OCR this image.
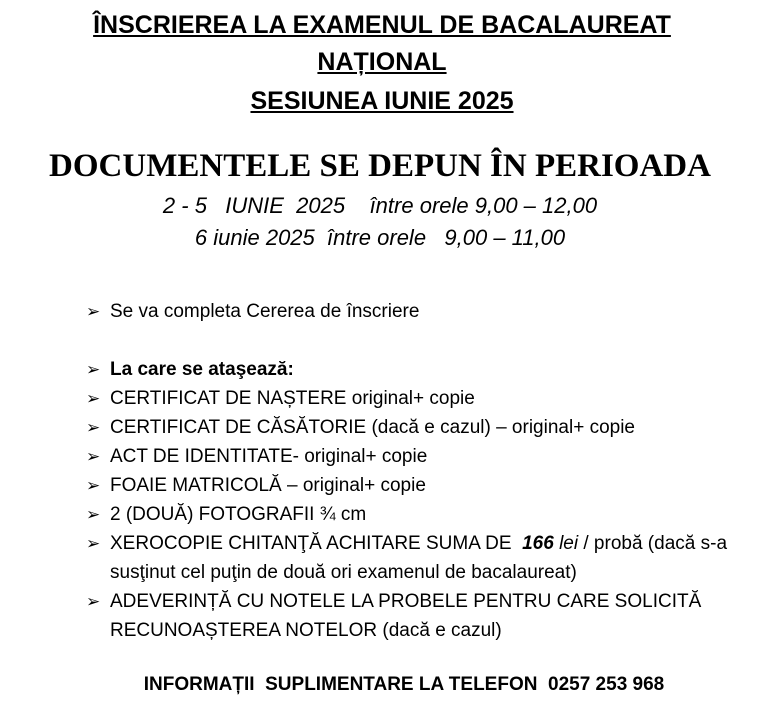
ÎNSCRIEREA LA EXAMENUL DE BACALAUREAT

NAȚIONAL

SESIUNEA IUNIE 2025

DOCUMENTELE SE DEPUN ÎN PERIOADA

2 - 5   IUNIE  2025    între orele 9,00 – 12,00

6 iunie 2025  între orele   9,00 – 11,00

➢ Se va completa Cererea de înscriere
➢ La care se ataşează:
➢ CERTIFICAT DE NAȘTERE original+ copie
➢ CERTIFICAT DE CĂSĂTORIE (dacă e cazul) – original+ copie
➢ ACT DE IDENTITATE- original+ copie
➢ FOAIE MATRICOLĂ – original+ copie
➢ 2 (DOUĂ) FOTOGRAFII ¾ cm
➢ XEROCOPIE CHITANŢĂ ACHITARE SUMA DE  166 lei / probă (dacă s-a susţinut cel puţin de două ori examenul de bacalaureat)
➢ ADEVERINȚĂ CU NOTELE LA PROBELE PENTRU CARE SOLICITĂ RECUNOAȘTEREA NOTELOR (dacă e cazul)

INFORMAȚII  SUPLIMENTARE LA TELEFON  0257 253 968
